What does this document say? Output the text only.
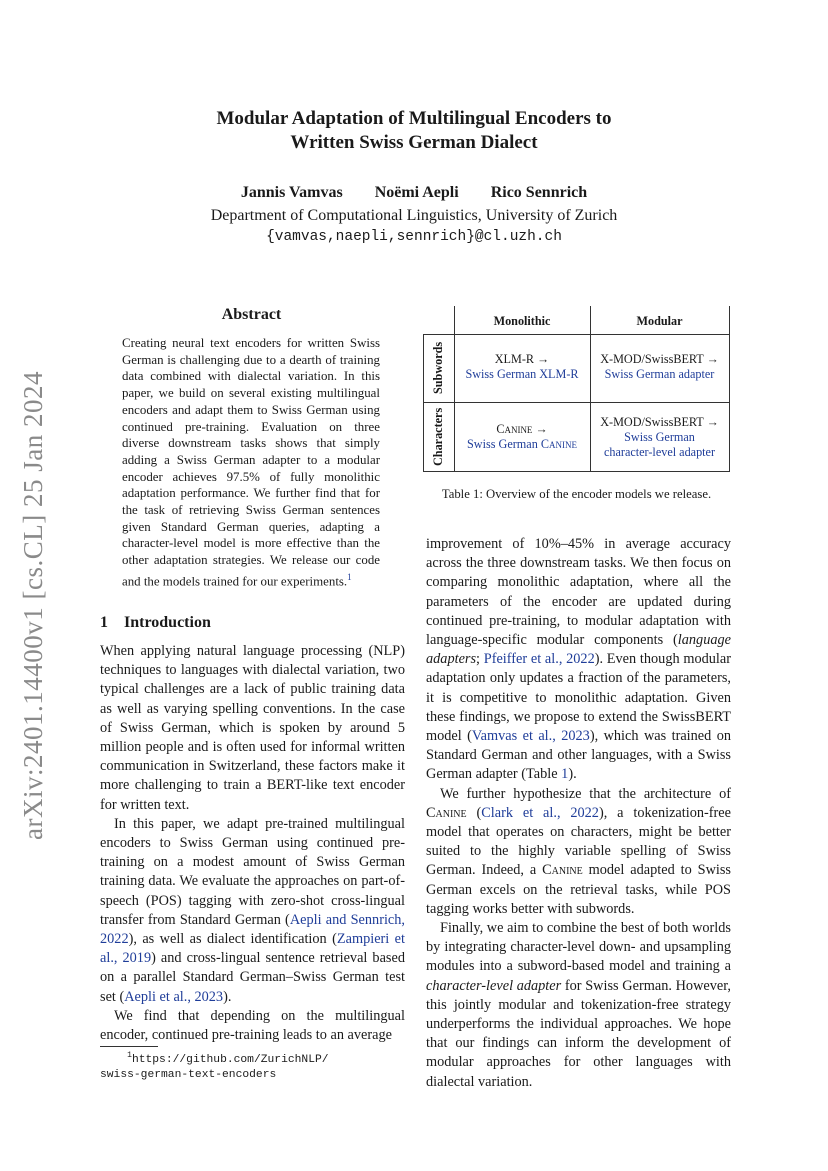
arXiv:2401.14400v1 [cs.CL] 25 Jan 2024
Modular Adaptation of Multilingual Encoders to
Written Swiss German Dialect
Jannis Vamvas Noëmi Aepli Rico Sennrich
Department of Computational Linguistics, University of Zurich
{vamvas,naepli,sennrich}@cl.uzh.ch
Abstract
Creating neural text encoders for written Swiss German is challenging due to a dearth of training data combined with dialectal variation. In this paper, we build on several existing multilingual encoders and adapt them to Swiss German using continued pre-training. Evaluation on three diverse downstream tasks shows that simply adding a Swiss German adapter to a modular encoder achieves 97.5% of fully monolithic adaptation performance. We further find that for the task of retrieving Swiss German sentences given Standard German queries, adapting a character-level model is more effective than the other adaptation strategies. We release our code and the models trained for our experiments.$^1$
1 Introduction

When applying natural language processing (NLP) techniques to languages with dialectal variation, two typical challenges are a lack of public training data as well as varying spelling conventions. In the case of Swiss German, which is spoken by around 5 million people and is often used for informal written communication in Switzerland, these factors make it more challenging to train a BERT-like text encoder for written text.

In this paper, we adapt pre-trained multilingual encoders to Swiss German using continued pre-training on a modest amount of Swiss German training data. We evaluate the approaches on part-of-speech (POS) tagging with zero-shot cross-lingual transfer from Standard German (Aepli and Sennrich, 2022), as well as dialect identification (Zampieri et al., 2019) and cross-lingual sentence retrieval based on a parallel Standard German–Swiss German test set (Aepli et al., 2023).

We find that depending on the multilingual encoder, continued pre-training leads to an average

$^1$https://github.com/ZurichNLP/
swiss-german-text-encoders
Monolithic	Modular
Subwords
Characters
XLM-R →
Swiss German XLM-R
X-MOD/SwissBERT →
Swiss German adapter
Canine →
Swiss German Canine
X-MOD/SwissBERT →
Swiss German
character-level adapter
Table 1: Overview of the encoder models we release.

improvement of 10%–45% in average accuracy across the three downstream tasks. We then focus on comparing monolithic adaptation, where all the parameters of the encoder are updated during continued pre-training, to modular adaptation with language-specific modular components (language adapters; Pfeiffer et al., 2022). Even though modular adaptation only updates a fraction of the parameters, it is competitive to monolithic adaptation. Given these findings, we propose to extend the SwissBERT model (Vamvas et al., 2023), which was trained on Standard German and other languages, with a Swiss German adapter (Table 1).

We further hypothesize that the architecture of Canine (Clark et al., 2022), a tokenization-free model that operates on characters, might be better suited to the highly variable spelling of Swiss German. Indeed, a Canine model adapted to Swiss German excels on the retrieval tasks, while POS tagging works better with subwords.

Finally, we aim to combine the best of both worlds by integrating character-level down- and upsampling modules into a subword-based model and training a character-level adapter for Swiss German. However, this jointly modular and tokenization-free strategy underperforms the individual approaches. We hope that our findings can inform the development of modular approaches for other languages with dialectal variation.
